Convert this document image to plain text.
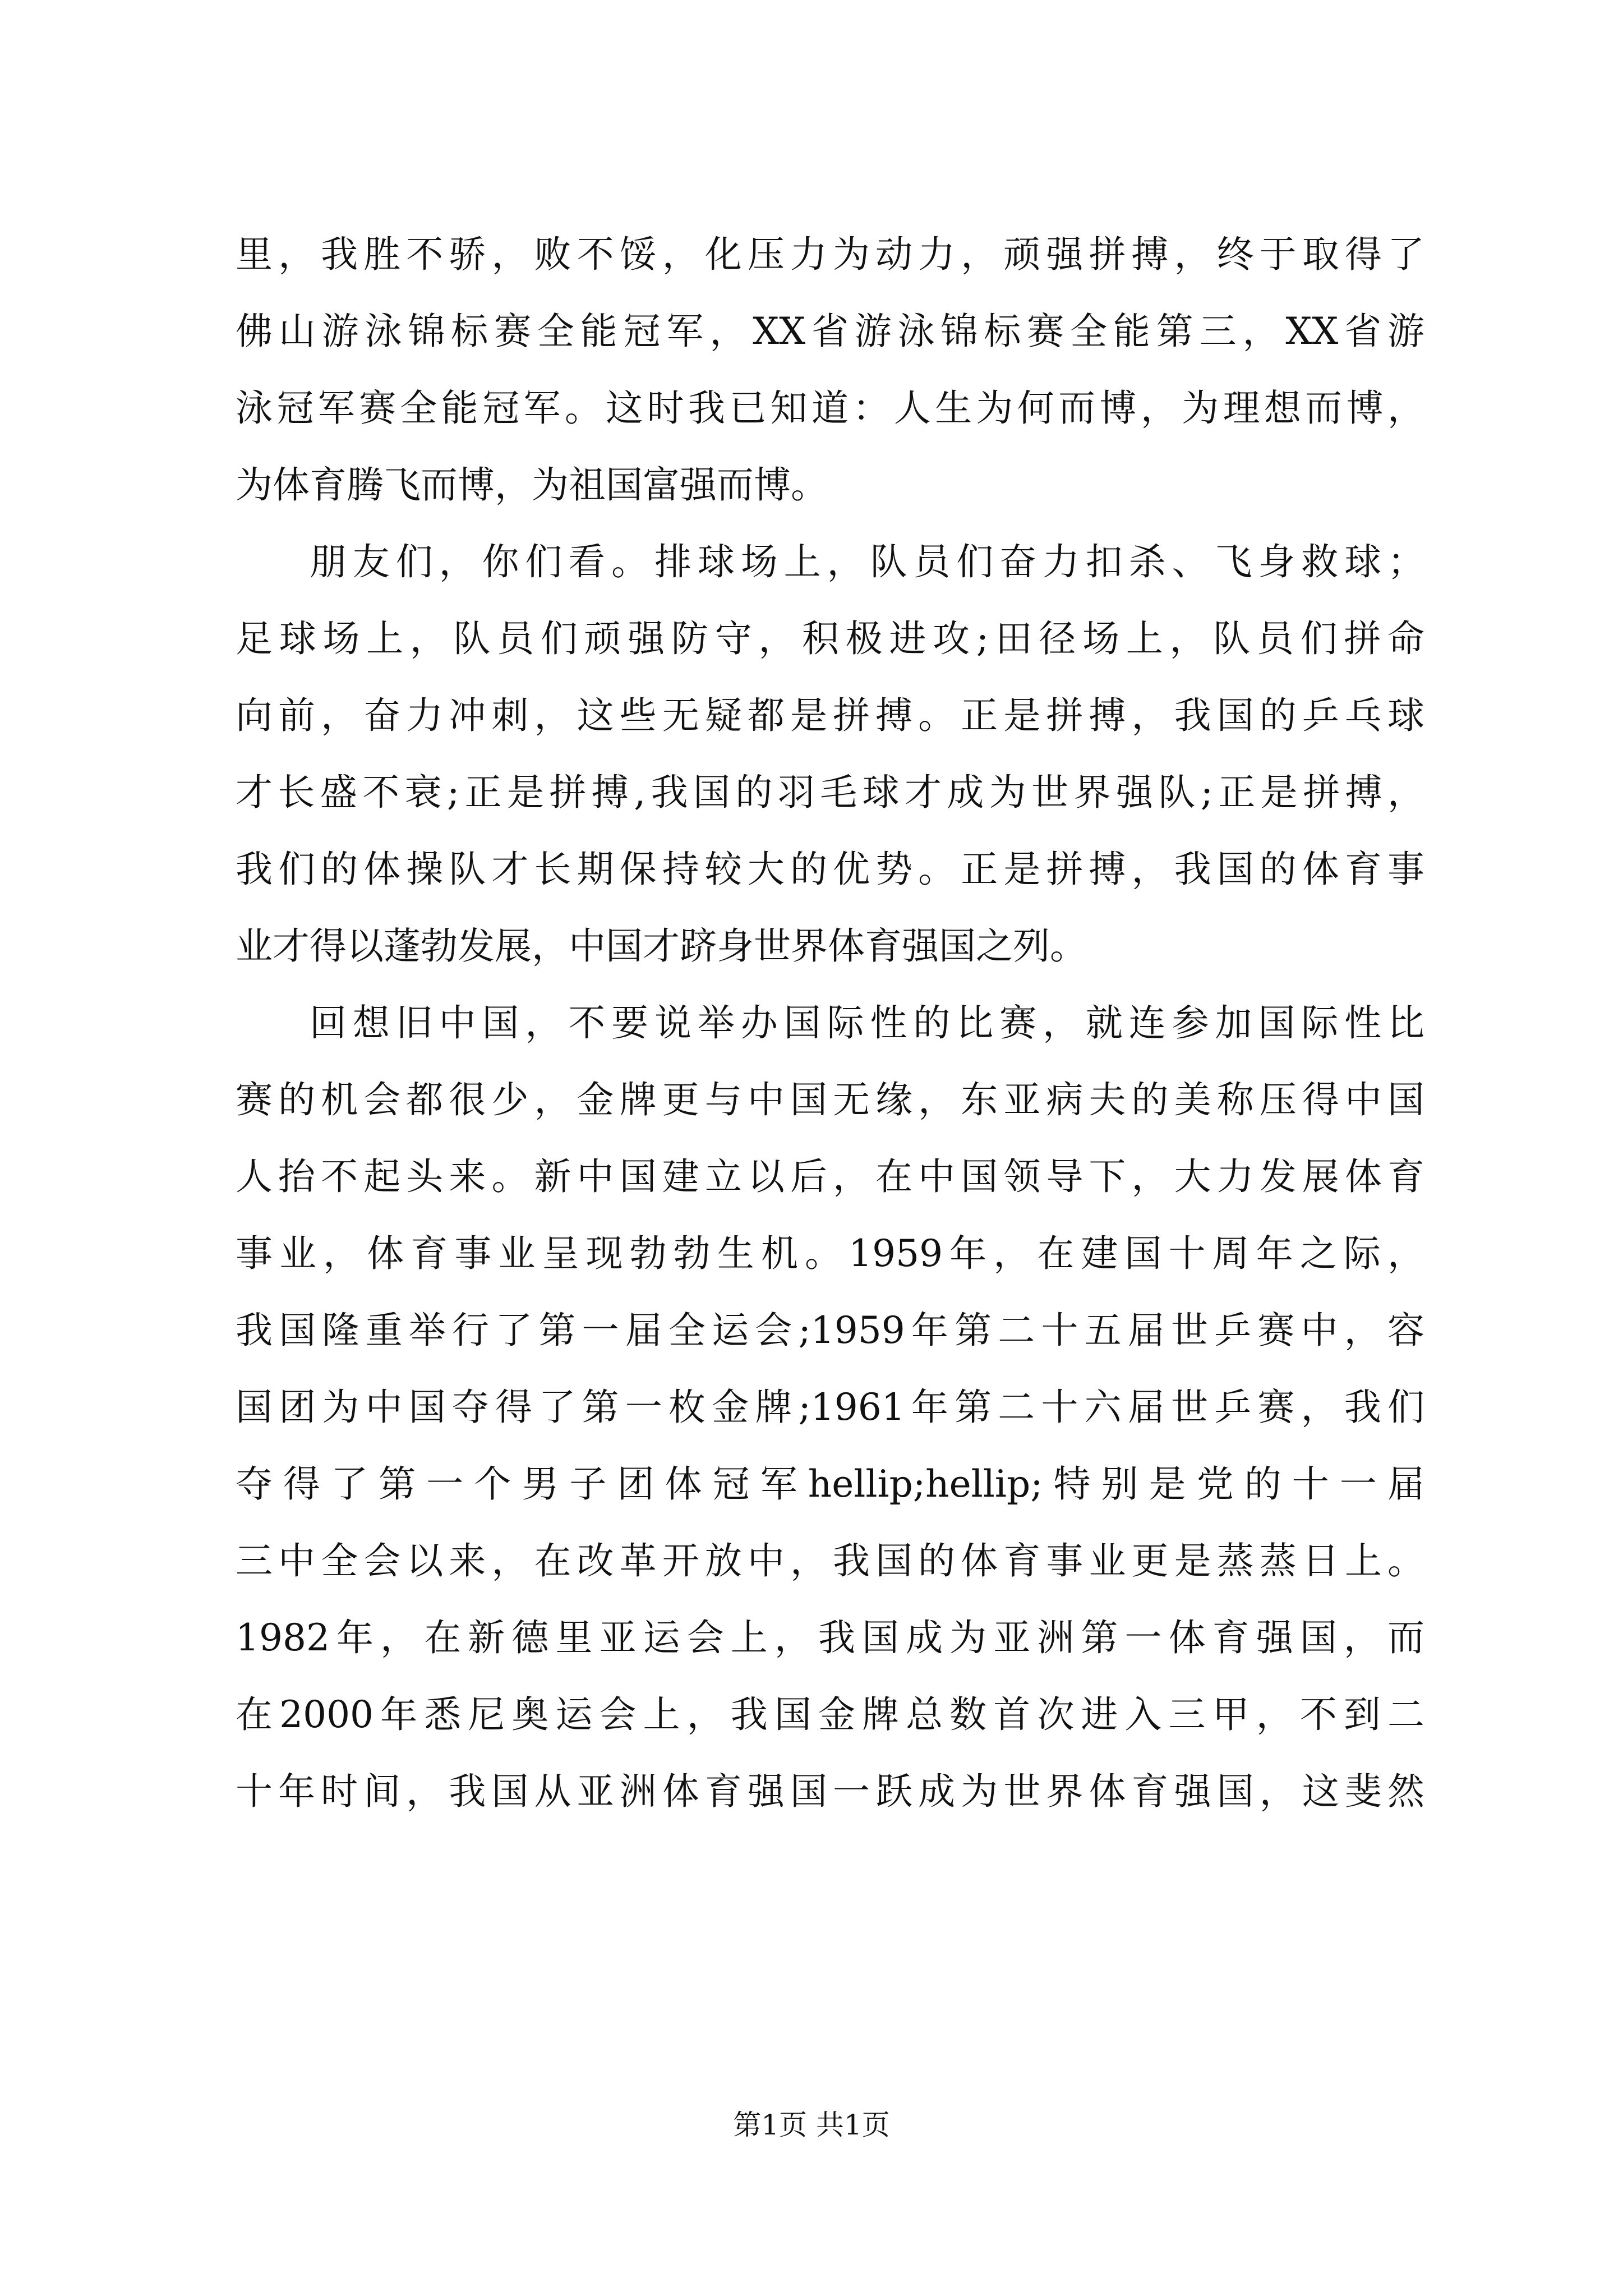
里，我胜不骄，败不馁，化压力为动力，顽强拼搏，终于取得了
佛山游泳锦标赛全能冠军，XX省游泳锦标赛全能第三，XX省游
泳冠军赛全能冠军。这时我已知道：人生为何而博，为理想而博，
为体育腾飞而博，为祖国富强而博。
朋友们，你们看。排球场上，队员们奋力扣杀、飞身救球；
足球场上，队员们顽强防守，积极进攻;田径场上，队员们拼命
向前，奋力冲刺，这些无疑都是拼搏。正是拼搏，我国的乒乓球
才长盛不衰;正是拼搏,我国的羽毛球才成为世界强队;正是拼搏，
我们的体操队才长期保持较大的优势。正是拼搏，我国的体育事
业才得以蓬勃发展，中国才跻身世界体育强国之列。
回想旧中国，不要说举办国际性的比赛，就连参加国际性比
赛的机会都很少，金牌更与中国无缘，东亚病夫的美称压得中国
人抬不起头来。新中国建立以后，在中国领导下，大力发展体育
事业，体育事业呈现勃勃生机。1959年，在建国十周年之际，
我国隆重举行了第一届全运会;1959年第二十五届世乒赛中，容
国团为中国夺得了第一枚金牌;1961年第二十六届世乒赛，我们
夺得了第一个男子团体冠军hellip;hellip;特别是党的十一届
三中全会以来，在改革开放中，我国的体育事业更是蒸蒸日上。
1982年，在新德里亚运会上，我国成为亚洲第一体育强国，而
在2000年悉尼奥运会上，我国金牌总数首次进入三甲，不到二
十年时间，我国从亚洲体育强国一跃成为世界体育强国，这斐然
第1页 共1页
